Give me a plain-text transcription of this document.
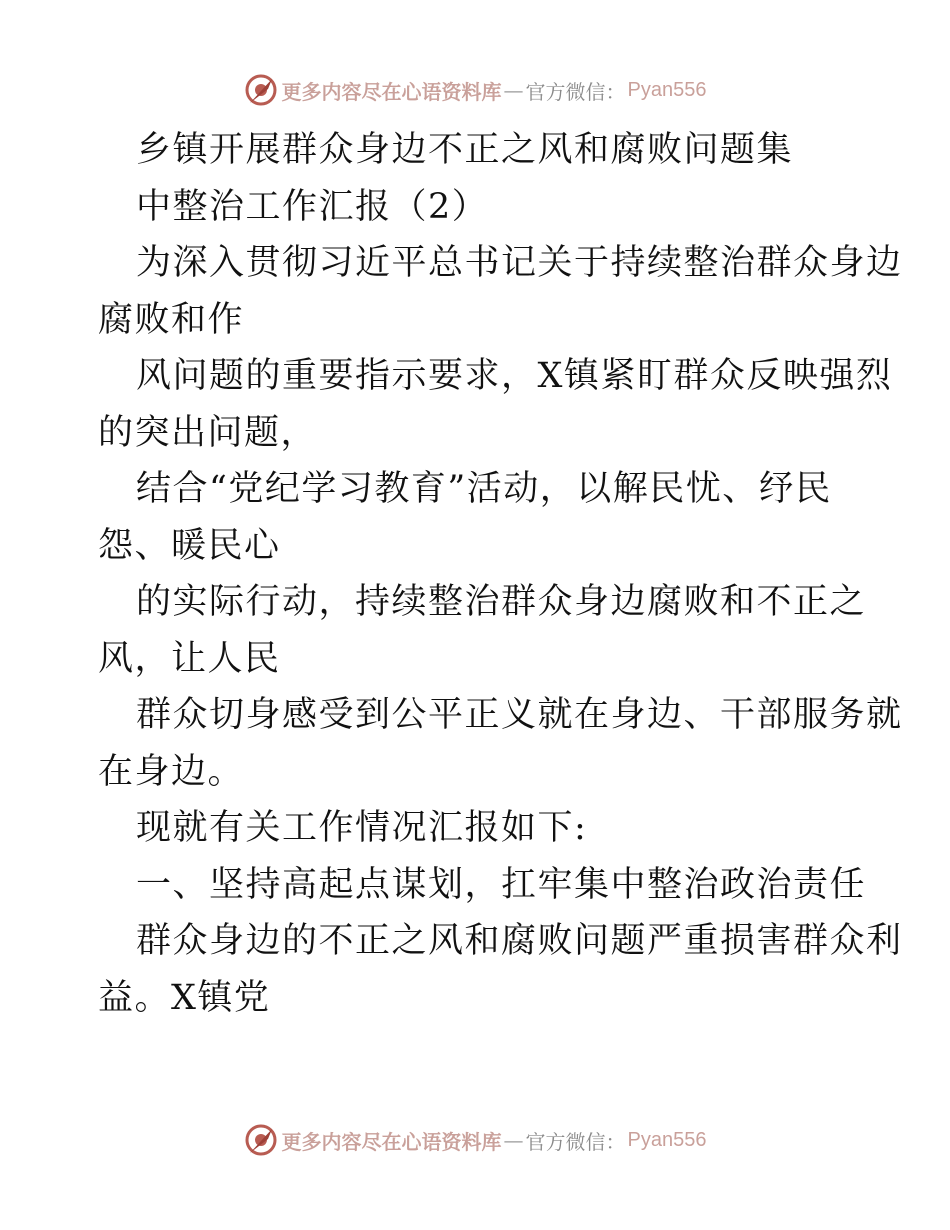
更多内容尽在心语资料库 — 官方微信： Pyan556
乡镇开展群众身边不正之风和腐败问题集
中整治工作汇报（2）
为深入贯彻习近平总书记关于持续整治群众身边
腐败和作
风问题的重要指示要求，X镇紧盯群众反映强烈
的突出问题，
结合“党纪学习教育”活动，以解民忧、纾民
怨、暖民心
的实际行动，持续整治群众身边腐败和不正之
风，让人民
群众切身感受到公平正义就在身边、干部服务就
在身边。
现就有关工作情况汇报如下:
一、坚持高起点谋划，扛牢集中整治政治责任
群众身边的不正之风和腐败问题严重损害群众利
益。X镇党
更多内容尽在心语资料库 — 官方微信： Pyan556
